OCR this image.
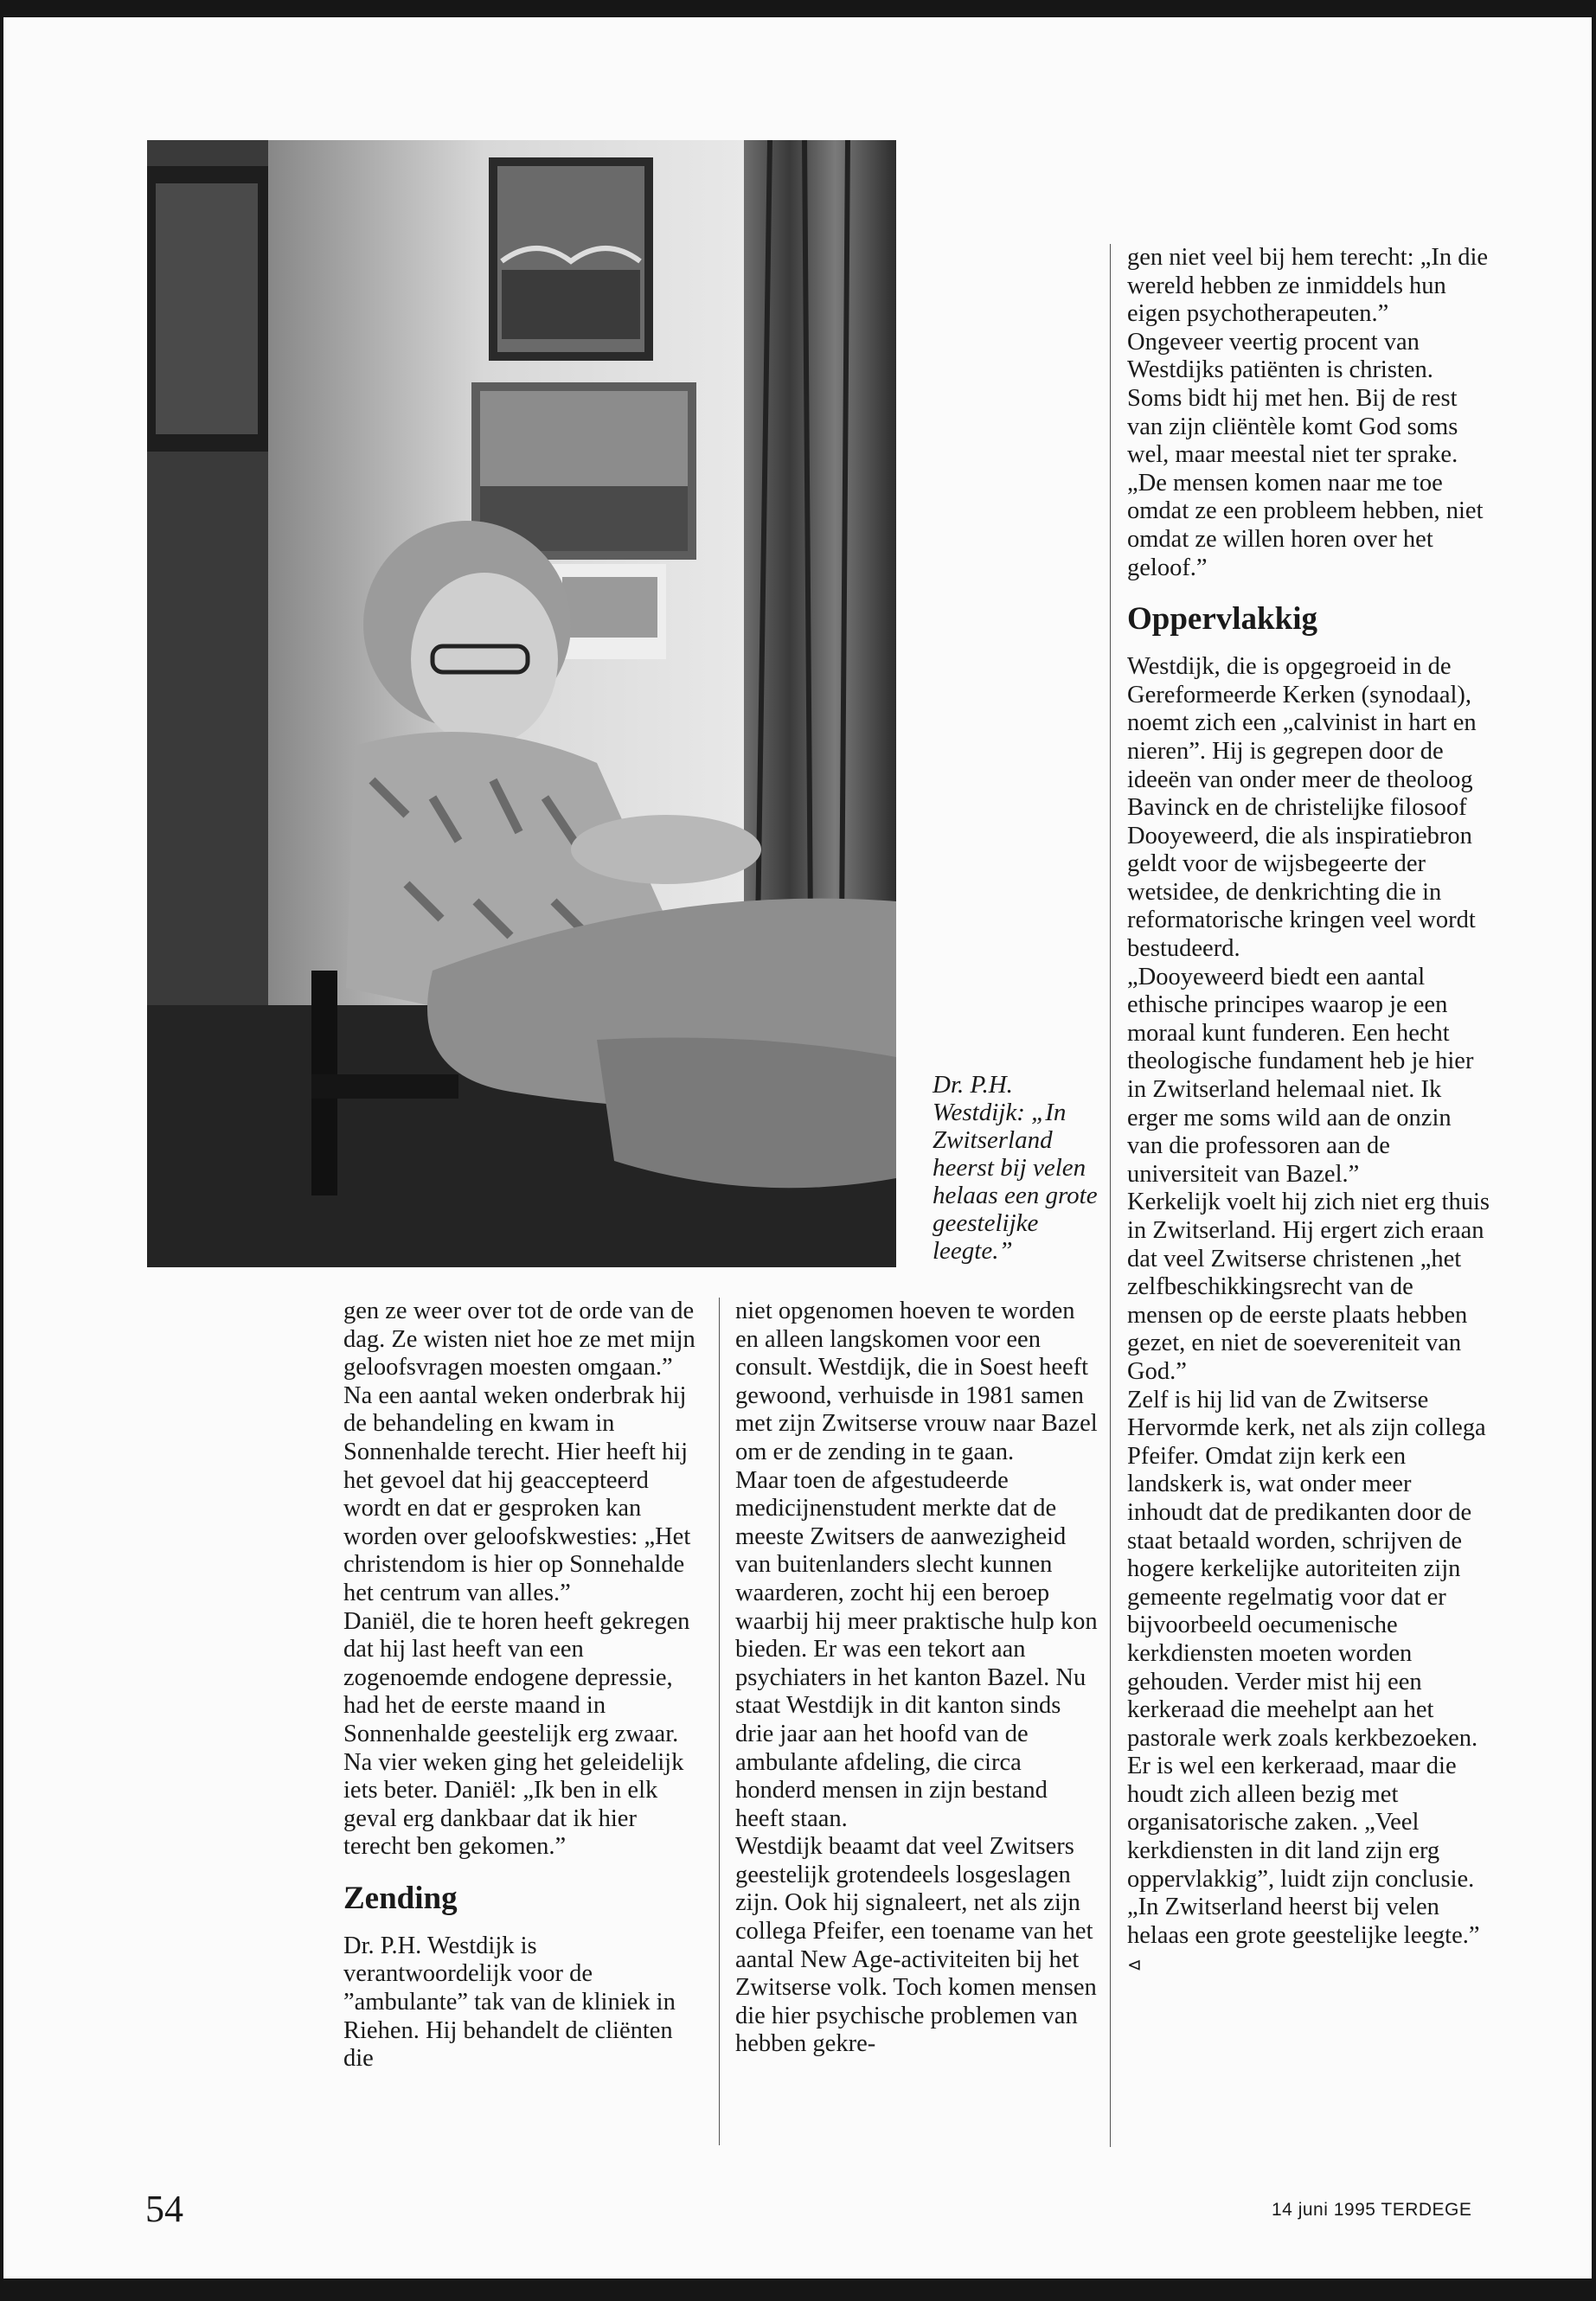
Dr. P.H. Westdijk: „In Zwitserland heerst bij velen helaas een grote geestelijke leegte.”

gen ze weer over tot de orde van de dag. Ze wisten niet hoe ze met mijn geloofsvragen moesten omgaan.”

Na een aantal weken onderbrak hij de behandeling en kwam in Sonnenhalde terecht. Hier heeft hij het gevoel dat hij geaccepteerd wordt en dat er gesproken kan worden over geloofskwesties: „Het christendom is hier op Sonnehalde het centrum van alles.”

Daniël, die te horen heeft gekregen dat hij last heeft van een zogenoemde endogene depressie, had het de eerste maand in Sonnenhalde geestelijk erg zwaar. Na vier weken ging het geleidelijk iets beter. Daniël: „Ik ben in elk geval erg dankbaar dat ik hier terecht ben gekomen.”

Zending

Dr. P.H. Westdijk is verantwoordelijk voor de ”ambulante” tak van de kliniek in Riehen. Hij behandelt de cliënten die

niet opgenomen hoeven te worden en alleen langskomen voor een consult. Westdijk, die in Soest heeft gewoond, verhuisde in 1981 samen met zijn Zwitserse vrouw naar Bazel om er de zending in te gaan.

Maar toen de afgestudeerde medicijnenstudent merkte dat de meeste Zwitsers de aanwezigheid van buitenlanders slecht kunnen waarderen, zocht hij een beroep waarbij hij meer praktische hulp kon bieden. Er was een tekort aan psychiaters in het kanton Bazel. Nu staat Westdijk in dit kanton sinds drie jaar aan het hoofd van de ambulante afdeling, die circa honderd mensen in zijn bestand heeft staan.

Westdijk beaamt dat veel Zwitsers geestelijk grotendeels losgeslagen zijn. Ook hij signaleert, net als zijn collega Pfeifer, een toename van het aantal New Age-activiteiten bij het Zwitserse volk. Toch komen mensen die hier psychische problemen van hebben gekre-

gen niet veel bij hem terecht: „In die wereld hebben ze inmiddels hun eigen psychotherapeuten.”

Ongeveer veertig procent van Westdijks patiënten is christen. Soms bidt hij met hen. Bij de rest van zijn cliëntèle komt God soms wel, maar meestal niet ter sprake. „De mensen komen naar me toe omdat ze een probleem hebben, niet omdat ze willen horen over het geloof.”

Oppervlakkig

Westdijk, die is opgegroeid in de Gereformeerde Kerken (synodaal), noemt zich een „calvinist in hart en nieren”. Hij is gegrepen door de ideeën van onder meer de theoloog Bavinck en de christelijke filosoof Dooyeweerd, die als inspiratiebron geldt voor de wijsbegeerte der wetsidee, de denkrichting die in reformatorische kringen veel wordt bestudeerd.

„Dooyeweerd biedt een aantal ethische principes waarop je een moraal kunt funderen. Een hecht theologische fundament heb je hier in Zwitserland helemaal niet. Ik erger me soms wild aan de onzin van die professoren aan de universiteit van Bazel.”

Kerkelijk voelt hij zich niet erg thuis in Zwitserland. Hij ergert zich eraan dat veel Zwitserse christenen „het zelfbeschikkingsrecht van de mensen op de eerste plaats hebben gezet, en niet de soevereniteit van God.”

Zelf is hij lid van de Zwitserse Hervormde kerk, net als zijn collega Pfeifer. Omdat zijn kerk een landskerk is, wat onder meer inhoudt dat de predikanten door de staat betaald worden, schrijven de hogere kerkelijke autoriteiten zijn gemeente regelmatig voor dat er bijvoorbeeld oecumenische kerkdiensten moeten worden gehouden. Verder mist hij een kerkeraad die meehelpt aan het pastorale werk zoals kerkbezoeken.

Er is wel een kerkeraad, maar die houdt zich alleen bezig met organisatorische zaken. „Veel kerkdiensten in dit land zijn erg oppervlakkig”, luidt zijn conclusie. „In Zwitserland heerst bij velen helaas een grote geestelijke leegte.” ⊲

54	14 juni 1995 TERDEGE
